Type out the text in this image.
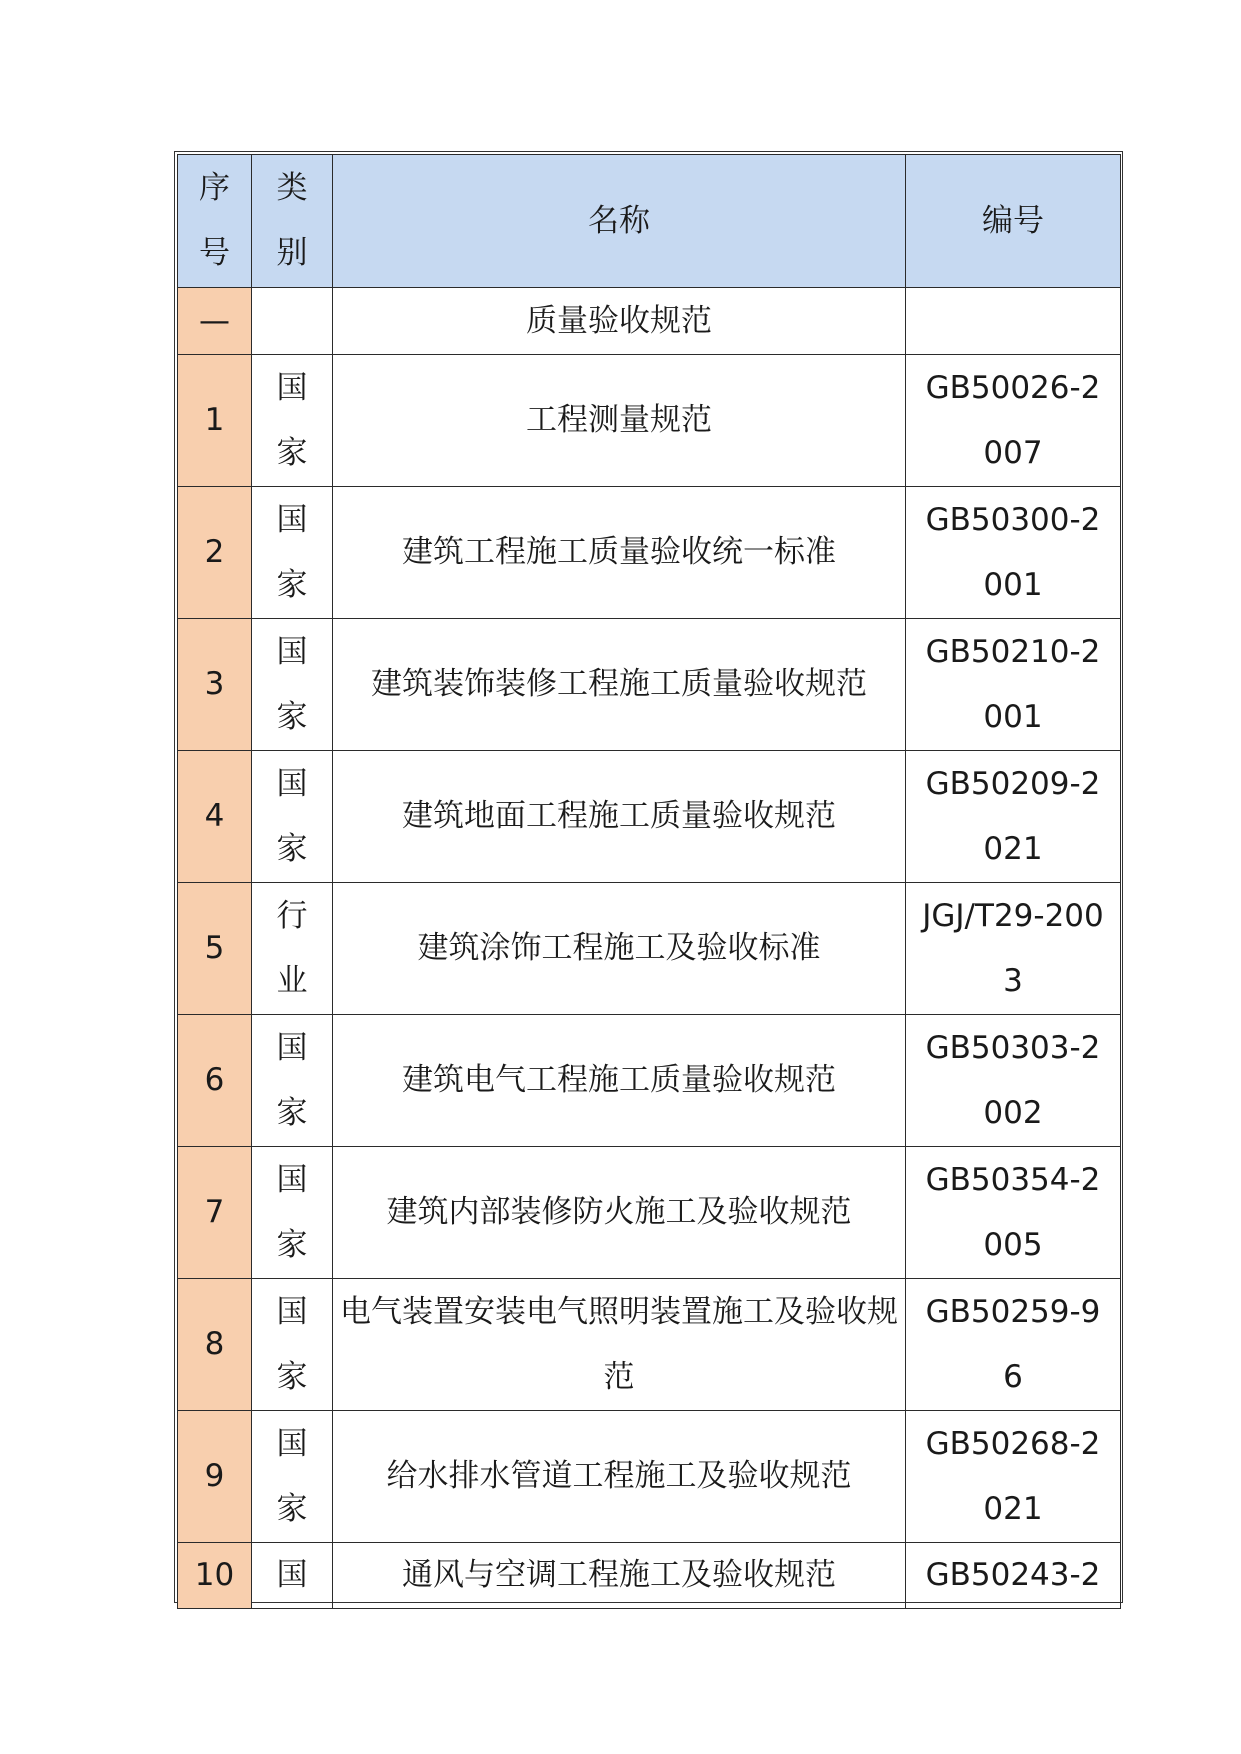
序号	类别	名称	编号
—		质量验收规范	
1	国家	工程测量规范	GB50026-2007

2	国家	建筑工程施工质量验收统一标准	GB50300-2001

3	国家	建筑装饰装修工程施工质量验收规范	GB50210-2001

4	国家	建筑地面工程施工质量验收规范	GB50209-2021

5	行业	建筑涂饰工程施工及验收标准	JGJ/T29-2003

6	国家	建筑电气工程施工质量验收规范	GB50303-2002

7	国家	建筑内部装修防火施工及验收规范	GB50354-2005

8	国家	电气装置安装电气照明装置施工及验收规范	GB50259-96

9	国家	给水排水管道工程施工及验收规范	GB50268-2021

10	国	通风与空调工程施工及验收规范	GB50243-2
